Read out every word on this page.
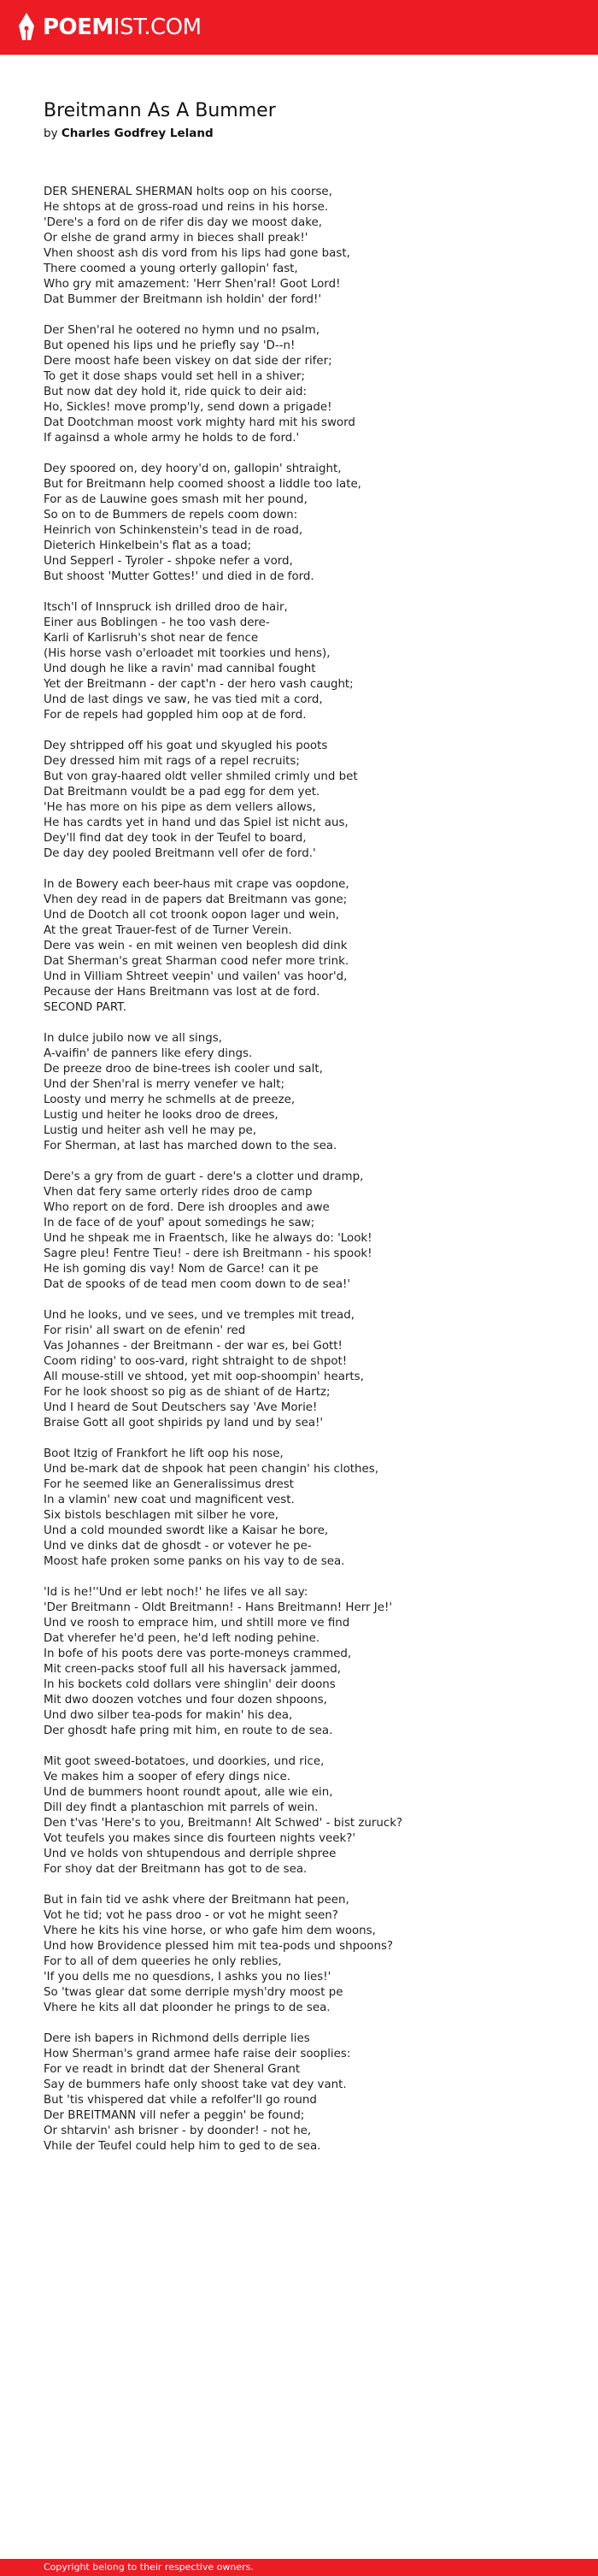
POEMIST.COM
Breitmann As A Bummer
by Charles Godfrey Leland
DER SHENERAL SHERMAN holts oop on his coorse,
He shtops at de gross-road und reins in his horse.
'Dere's a ford on de rifer dis day we moost dake,
Or elshe de grand army in bieces shall preak!'
Vhen shoost ash dis vord from his lips had gone bast,
There coomed a young orterly gallopin' fast,
Who gry mit amazement: 'Herr Shen'ral! Goot Lord!
Dat Bummer der Breitmann ish holdin' der ford!'
Der Shen'ral he ootered no hymn und no psalm,
But opened his lips und he priefly say 'D--n!
Dere moost hafe been viskey on dat side der rifer;
To get it dose shaps vould set hell in a shiver;
But now dat dey hold it, ride quick to deir aid:
Ho, Sickles! move promp'ly, send down a prigade!
Dat Dootchman moost vork mighty hard mit his sword
If againsd a whole army he holds to de ford.'
Dey spoored on, dey hoory'd on, gallopin' shtraight,
But for Breitmann help coomed shoost a liddle too late,
For as de Lauwine goes smash mit her pound,
So on to de Bummers de repels coom down:
Heinrich von Schinkenstein's tead in de road,
Dieterich Hinkelbein's flat as a toad;
Und Sepperl - Tyroler - shpoke nefer a vord,
But shoost 'Mutter Gottes!' und died in de ford.
Itsch'l of Innspruck ish drilled droo de hair,
Einer aus Boblingen - he too vash dere-
Karli of Karlisruh's shot near de fence
(His horse vash o'erloadet mit toorkies und hens),
Und dough he like a ravin' mad cannibal fought
Yet der Breitmann - der capt'n - der hero vash caught;
Und de last dings ve saw, he vas tied mit a cord,
For de repels had goppled him oop at de ford.
Dey shtripped off his goat und skyugled his poots
Dey dressed him mit rags of a repel recruits;
But von gray-haared oldt veller shmiled crimly und bet
Dat Breitmann vouldt be a pad egg for dem yet.
'He has more on his pipe as dem vellers allows,
He has cardts yet in hand und das Spiel ist nicht aus,
Dey'll find dat dey took in der Teufel to board,
De day dey pooled Breitmann vell ofer de ford.'
In de Bowery each beer-haus mit crape vas oopdone,
Vhen dey read in de papers dat Breitmann vas gone;
Und de Dootch all cot troonk oopon lager und wein,
At the great Trauer-fest of de Turner Verein.
Dere vas wein - en mit weinen ven beoplesh did dink
Dat Sherman's great Sharman cood nefer more trink.
Und in Villiam Shtreet veepin' und vailen' vas hoor'd,
Pecause der Hans Breitmann vas lost at de ford.
SECOND PART.
In dulce jubilo now ve all sings,
A-vaifin' de panners like efery dings.
De preeze droo de bine-trees ish cooler und salt,
Und der Shen'ral is merry venefer ve halt;
Loosty und merry he schmells at de preeze,
Lustig und heiter he looks droo de drees,
Lustig und heiter ash vell he may pe,
For Sherman, at last has marched down to the sea.
Dere's a gry from de guart - dere's a clotter und dramp,
Vhen dat fery same orterly rides droo de camp
Who report on de ford. Dere ish drooples and awe
In de face of de youf' apout somedings he saw;
Und he shpeak me in Fraentsch, like he always do: 'Look!
Sagre pleu! Fentre Tieu! - dere ish Breitmann - his spook!
He ish goming dis vay! Nom de Garce! can it pe
Dat de spooks of de tead men coom down to de sea!'
Und he looks, und ve sees, und ve tremples mit tread,
For risin' all swart on de efenin' red
Vas Johannes - der Breitmann - der war es, bei Gott!
Coom riding' to oos-vard, right shtraight to de shpot!
All mouse-still ve shtood, yet mit oop-shoompin' hearts,
For he look shoost so pig as de shiant of de Hartz;
Und I heard de Sout Deutschers say 'Ave Morie!
Braise Gott all goot shpirids py land und by sea!'
Boot Itzig of Frankfort he lift oop his nose,
Und be-mark dat de shpook hat peen changin' his clothes,
For he seemed like an Generalissimus drest
In a vlamin' new coat und magnificent vest.
Six bistols beschlagen mit silber he vore,
Und a cold mounded swordt like a Kaisar he bore,
Und ve dinks dat de ghosdt - or votever he pe-
Moost hafe proken some panks on his vay to de sea.
'Id is he!''Und er lebt noch!' he lifes ve all say:
'Der Breitmann - Oldt Breitmann! - Hans Breitmann! Herr Je!'
Und ve roosh to emprace him, und shtill more ve find
Dat vherefer he'd peen, he'd left noding pehine.
In bofe of his poots dere vas porte-moneys crammed,
Mit creen-packs stoof full all his haversack jammed,
In his bockets cold dollars vere shinglin' deir doons
Mit dwo doozen votches und four dozen shpoons,
Und dwo silber tea-pods for makin' his dea,
Der ghosdt hafe pring mit him, en route to de sea.
Mit goot sweed-botatoes, und doorkies, und rice,
Ve makes him a sooper of efery dings nice.
Und de bummers hoont roundt apout, alle wie ein,
Dill dey findt a plantaschion mit parrels of wein.
Den t'vas 'Here's to you, Breitmann! Alt Schwed' - bist zuruck?
Vot teufels you makes since dis fourteen nights veek?'
Und ve holds von shtupendous and derriple shpree
For shoy dat der Breitmann has got to de sea.
But in fain tid ve ashk vhere der Breitmann hat peen,
Vot he tid; vot he pass droo - or vot he might seen?
Vhere he kits his vine horse, or who gafe him dem woons,
Und how Brovidence plessed him mit tea-pods und shpoons?
For to all of dem queeries he only reblies,
'If you dells me no quesdions, I ashks you no lies!'
So 'twas glear dat some derriple mysh'dry moost pe
Vhere he kits all dat ploonder he prings to de sea.
Dere ish bapers in Richmond dells derriple lies
How Sherman's grand armee hafe raise deir sooplies:
For ve readt in brindt dat der Sheneral Grant
Say de bummers hafe only shoost take vat dey vant.
But 'tis vhispered dat vhile a refolfer'll go round
Der BREITMANN vill nefer a peggin' be found;
Or shtarvin' ash brisner - by doonder! - not he,
Vhile der Teufel could help him to ged to de sea.
Copyright belong to their respective owners.
